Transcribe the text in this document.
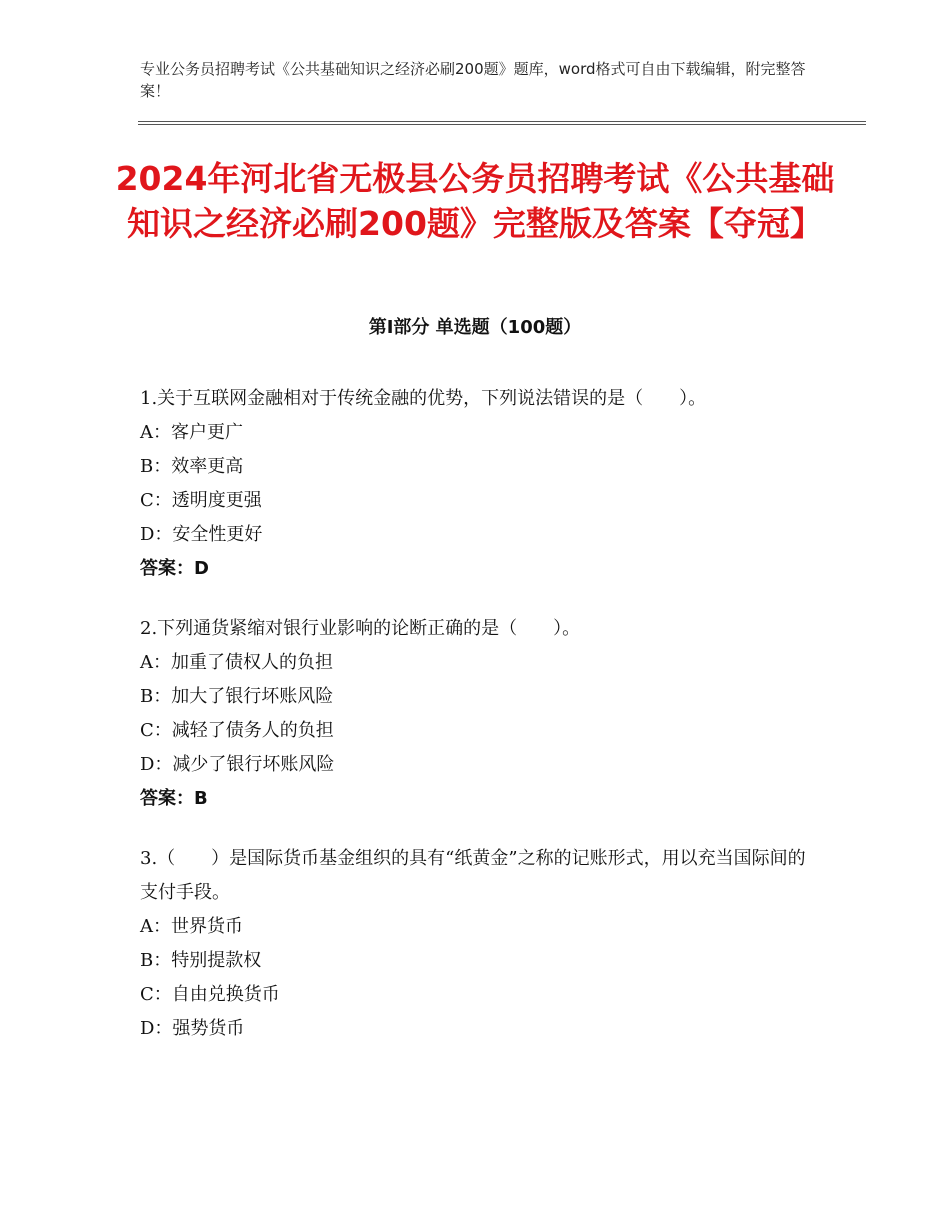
专业公务员招聘考试《公共基础知识之经济必刷200题》题库，word格式可自由下载编辑，附完整答案！
2024年河北省无极县公务员招聘考试《公共基础知识之经济必刷200题》完整版及答案【夺冠】
第Ⅰ部分 单选题（100题）
1.关于互联网金融相对于传统金融的优势，下列说法错误的是（　　）。
A：客户更广
B：效率更高
C：透明度更强
D：安全性更好
答案：D
2.下列通货紧缩对银行业影响的论断正确的是（　　）。
A：加重了债权人的负担
B：加大了银行坏账风险
C：减轻了债务人的负担
D：减少了银行坏账风险
答案：B
3.（　　）是国际货币基金组织的具有“纸黄金”之称的记账形式，用以充当国际间的支付手段。
A：世界货币
B：特别提款权
C：自由兑换货币
D：强势货币
